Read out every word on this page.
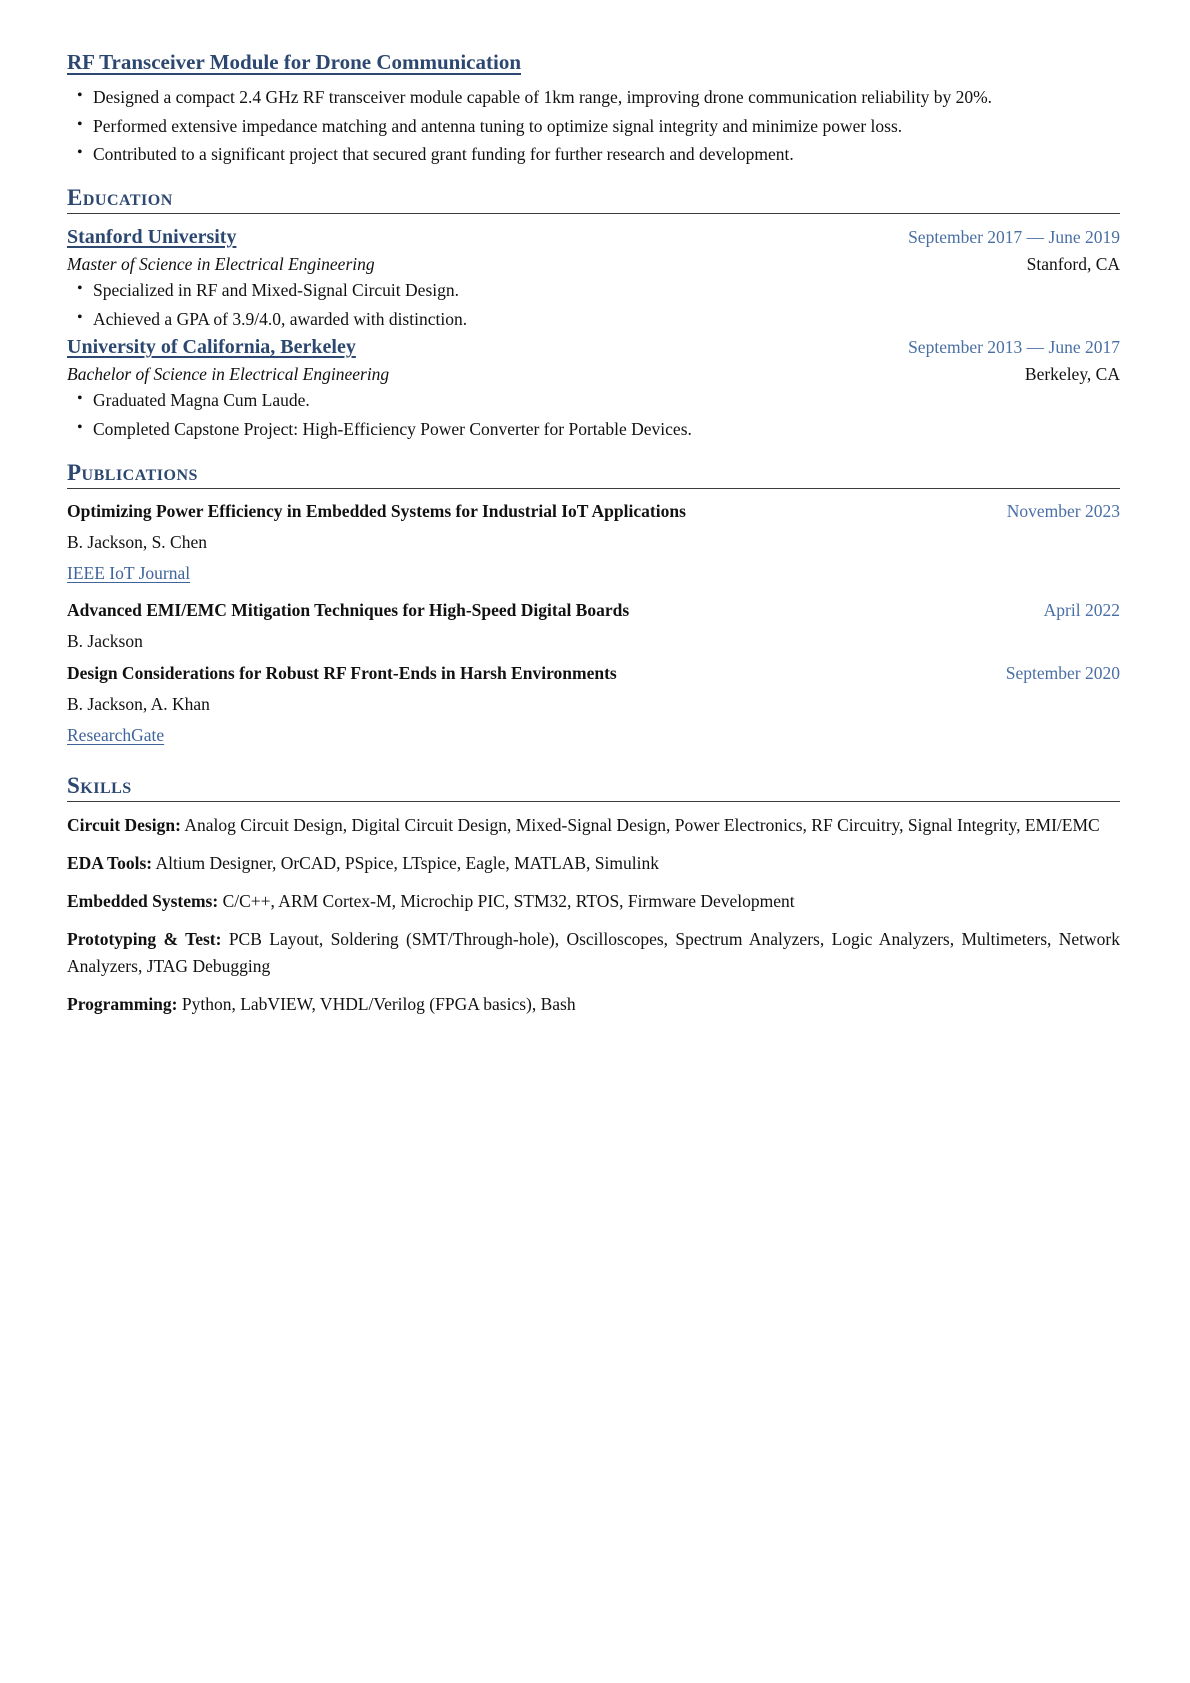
RF Transceiver Module for Drone Communication
• Designed a compact 2.4 GHz RF transceiver module capable of 1km range, improving drone communication reliability by 20%.
• Performed extensive impedance matching and antenna tuning to optimize signal integrity and minimize power loss.
• Contributed to a significant project that secured grant funding for further research and development.
Education
Stanford University	September 2017 — June 2019
Master of Science in Electrical Engineering	Stanford, CA
• Specialized in RF and Mixed-Signal Circuit Design.
• Achieved a GPA of 3.9/4.0, awarded with distinction.
University of California, Berkeley	September 2013 — June 2017
Bachelor of Science in Electrical Engineering	Berkeley, CA
• Graduated Magna Cum Laude.
• Completed Capstone Project: High-Efficiency Power Converter for Portable Devices.
Publications
Optimizing Power Efficiency in Embedded Systems for Industrial IoT Applications	November 2023
B. Jackson, S. Chen
IEEE IoT Journal
Advanced EMI/EMC Mitigation Techniques for High-Speed Digital Boards	April 2022
B. Jackson
Design Considerations for Robust RF Front-Ends in Harsh Environments	September 2020
B. Jackson, A. Khan
ResearchGate
Skills

Circuit Design: Analog Circuit Design, Digital Circuit Design, Mixed-Signal Design, Power Electronics, RF Circuitry, Signal Integrity, EMI/EMC

EDA Tools: Altium Designer, OrCAD, PSpice, LTspice, Eagle, MATLAB, Simulink

Embedded Systems: C/C++, ARM Cortex-M, Microchip PIC, STM32, RTOS, Firmware Development

Prototyping & Test: PCB Layout, Soldering (SMT/Through-hole), Oscilloscopes, Spectrum Analyzers, Logic Analyzers, Multimeters, Network Analyzers, JTAG Debugging

Programming: Python, LabVIEW, VHDL/Verilog (FPGA basics), Bash
